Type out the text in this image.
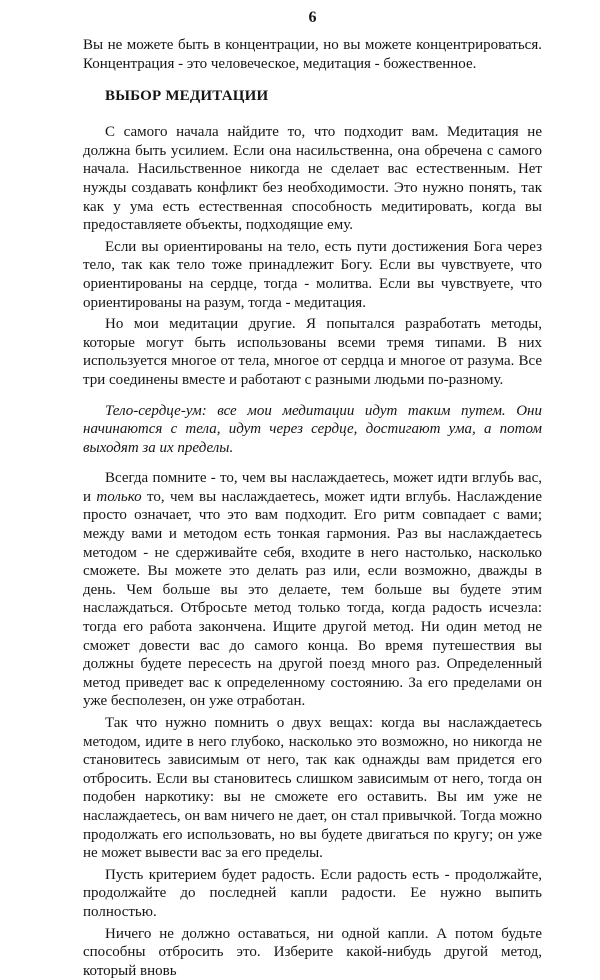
6

Вы не можете быть в концентрации, но вы можете концентрироваться. Концентрация - это человеческое, медитация - божественное.

ВЫБОР МЕДИТАЦИИ

С самого начала найдите то, что подходит вам. Медитация не должна быть усилием. Если она насильственна, она обречена с самого начала. Насильственное никогда не сделает вас естественным. Нет нужды создавать конфликт без необходимости. Это нужно понять, так как у ума есть естественная способность медитировать, когда вы предоставляете объекты, подходящие ему.

Если вы ориентированы на тело, есть пути достижения Бога через тело, так как тело тоже принадлежит Богу. Если вы чувствуете, что ориентированы на сердце, тогда - молитва. Если вы чувствуете, что ориентированы на разум, тогда - медитация.

Но мои медитации другие. Я попытался разработать методы, которые могут быть использованы всеми тремя типами. В них используется многое от тела, многое от сердца и многое от разума. Все три соединены вместе и работают с разными людьми по-разному.

Тело-сердце-ум: все мои медитации идут таким путем. Они начинаются с тела, идут через сердце, достигают ума, а потом выходят за их пределы.

Всегда помните - то, чем вы наслаждаетесь, может идти вглубь вас, и только то, чем вы наслаждаетесь, может идти вглубь. Наслаждение просто означает, что это вам подходит. Его ритм совпадает с вами; между вами и методом есть тонкая гармония. Раз вы наслаждаетесь методом - не сдерживайте себя, входите в него настолько, насколько сможете. Вы можете это делать раз или, если возможно, дважды в день. Чем больше вы это делаете, тем больше вы будете этим наслаждаться. Отбросьте метод только тогда, когда радость исчезла: тогда его работа закончена. Ищите другой метод. Ни один метод не сможет довести вас до самого конца. Во время путешествия вы должны будете пересесть на другой поезд много раз. Определенный метод приведет вас к определенному состоянию. За его пределами он уже бесполезен, он уже отработан.

Так что нужно помнить о двух вещах: когда вы наслаждаетесь методом, идите в него глубоко, насколько это возможно, но никогда не становитесь зависимым от него, так как однажды вам придется его отбросить. Если вы становитесь слишком зависимым от него, тогда он подобен наркотику: вы не сможете его оставить. Вы им уже не наслаждаетесь, он вам ничего не дает, он стал привычкой. Тогда можно продолжать его использовать, но вы будете двигаться по кругу; он уже не может вывести вас за его пределы.

Пусть критерием будет радость. Если радость есть - продолжайте, продолжайте до последней капли радости. Ее нужно выпить полностью.

Ничего не должно оставаться, ни одной капли. А потом будьте способны отбросить это. Изберите какой-нибудь другой метод, который вновь
